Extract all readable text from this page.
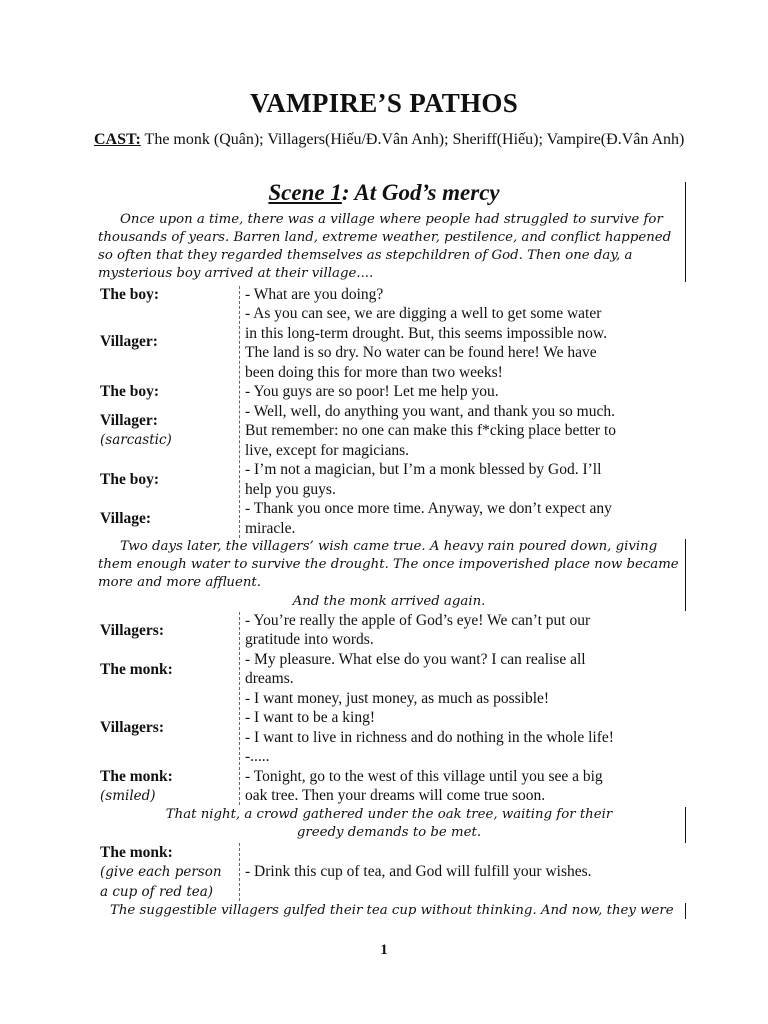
VAMPIRE’S PATHOS
CAST: The monk (Quân); Villagers(Hiếu/Đ.Vân Anh); Sheriff(Hiếu); Vampire(Đ.Vân Anh)
Scene 1: At God’s mercy
Once upon a time, there was a village where people had struggled to survive for thousands of years. Barren land, extreme weather, pestilence, and conflict happened so often that they regarded themselves as stepchildren of God. Then one day, a mysterious boy arrived at their village....
The boy:
Villager:
The boy:
Villager:
(sarcastic)
The boy:
Village:
- What are you doing?
- As you can see, we are digging a well to get some water
in this long-term drought. But, this seems impossible now.
The land is so dry. No water can be found here! We have
been doing this for more than two weeks!
- You guys are so poor! Let me help you.
- Well, well, do anything you want, and thank you so much.
But remember: no one can make this f*cking place better to
live, except for magicians.
- I’m not a magician, but I’m a monk blessed by God. I’ll
help you guys.
- Thank you once more time. Anyway, we don’t expect any
miracle.
Two days later, the villagers’ wish came true. A heavy rain poured down, giving them enough water to survive the drought. The once impoverished place now became more and more affluent.
And the monk arrived again.
Villagers:
The monk:
Villagers:
The monk:
(smiled)
- You’re really the apple of God’s eye! We can’t put our
gratitude into words.
- My pleasure. What else do you want? I can realise all
dreams.
- I want money, just money, as much as possible!
- I want to be a king!
- I want to live in richness and do nothing in the whole life!
-.....
- Tonight, go to the west of this village until you see a big
oak tree. Then your dreams will come true soon.
That night, a crowd gathered under the oak tree, waiting for their
greedy demands to be met.
The monk:
(give each person
a cup of red tea)
- Drink this cup of tea, and God will fulfill your wishes.
The suggestible villagers gulfed their tea cup without thinking. And now, they were
1
